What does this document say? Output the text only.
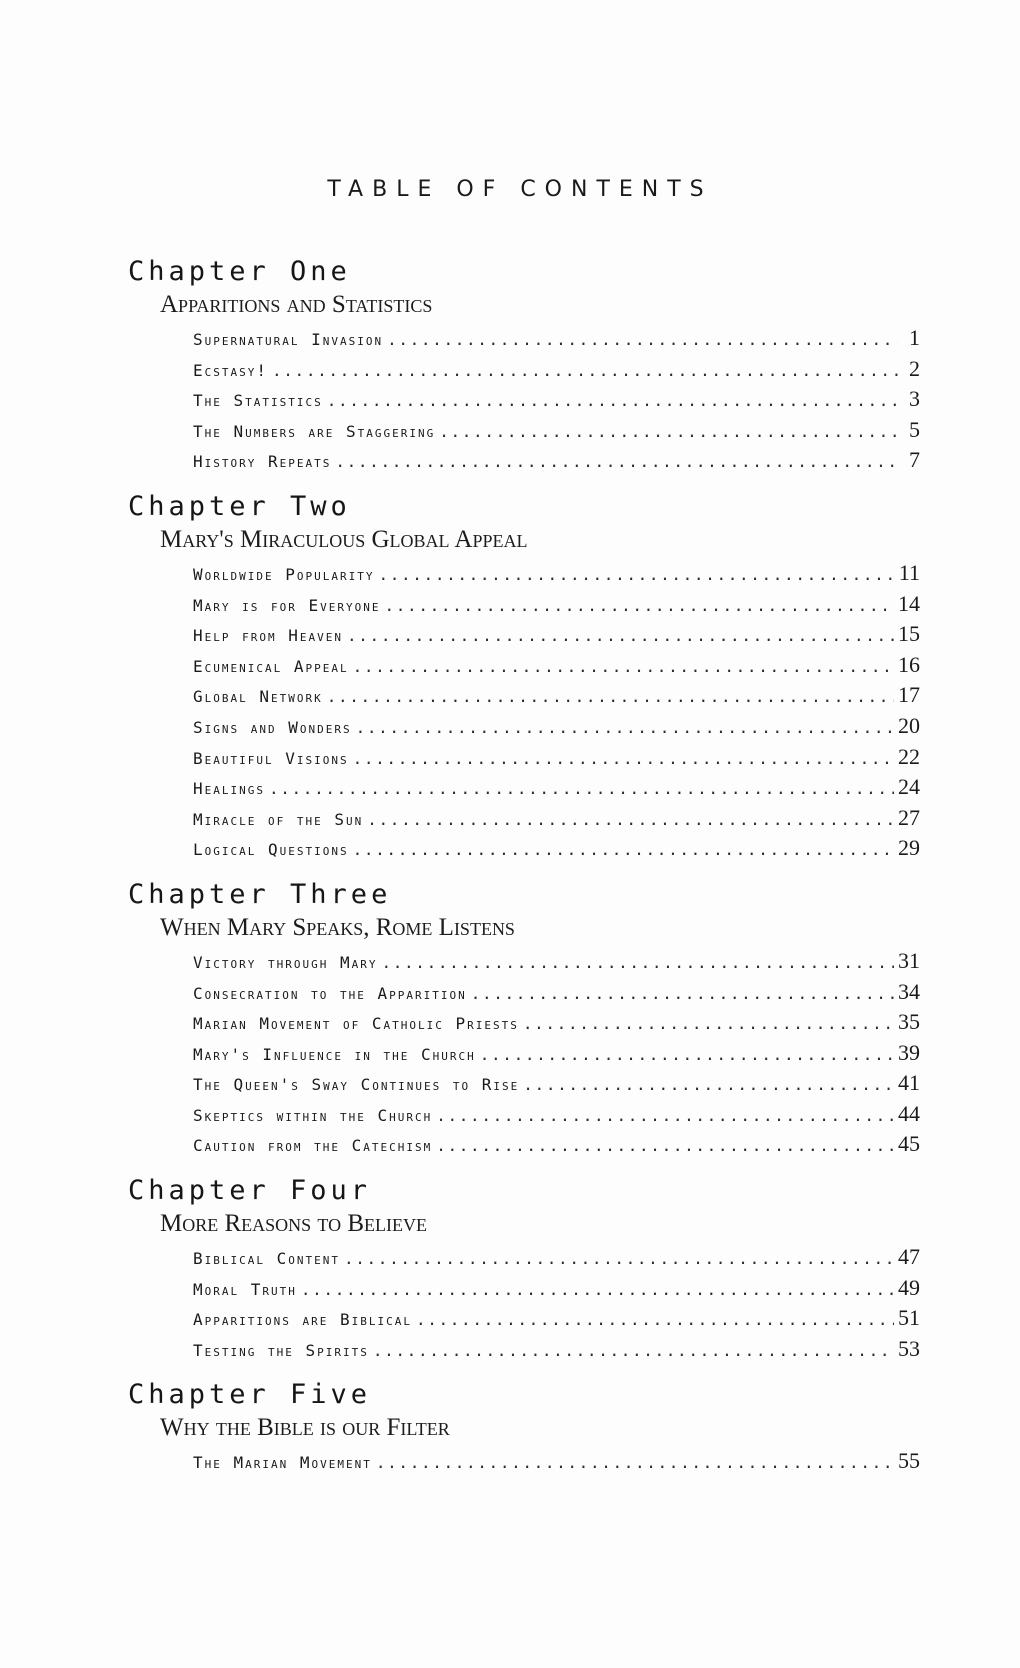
TABLE OF CONTENTS
Chapter One
Apparitions and Statistics
Supernatural Invasion . . .	1
Ecstasy! . . .	2
The Statistics . . .	3
The Numbers are Staggering . . .	5
History Repeats . . .	7
Chapter Two
Mary's Miraculous Global Appeal
Worldwide Popularity . . .	11
Mary is for Everyone . . .	14
Help from Heaven . . .	15
Ecumenical Appeal . . .	16
Global Network . . .	17
Signs and Wonders . . .	20
Beautiful Visions . . .	22
Healings . . .	24
Miracle of the Sun . . .	27
Logical Questions . . .	29
Chapter Three
When Mary Speaks, Rome Listens
Victory through Mary . . .	31
Consecration to the Apparition . . .	34
Marian Movement of Catholic Priests . . .	35
Mary's Influence in the Church . . .	39
The Queen's Sway Continues to Rise . . .	41
Skeptics within the Church . . .	44
Caution from the Catechism . . .	45
Chapter Four
More Reasons to Believe
Biblical Content . . .	47
Moral Truth . . .	49
Apparitions are Biblical . . .	51
Testing the Spirits . . .	53
Chapter Five
Why the Bible is our Filter
The Marian Movement . . .	55
